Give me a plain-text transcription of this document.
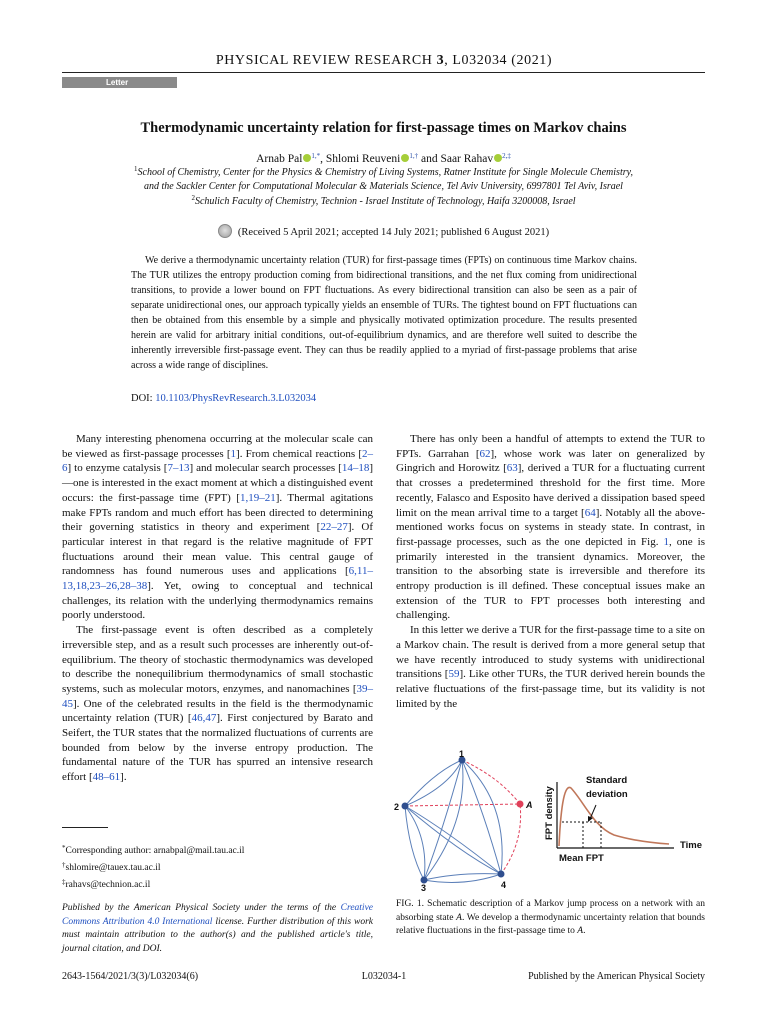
PHYSICAL REVIEW RESEARCH 3, L032034 (2021)
Letter
Thermodynamic uncertainty relation for first-passage times on Markov chains
Arnab Pal $^{1,*}$, Shlomi Reuveni $^{1,\dagger}$ and Saar Rahav $^{2,\ddagger}$
$^1$School of Chemistry, Center for the Physics & Chemistry of Living Systems, Ratner Institute for Single Molecule Chemistry,
and the Sackler Center for Computational Molecular & Materials Science, Tel Aviv University, 6997801 Tel Aviv, Israel
$^2$Schulich Faculty of Chemistry, Technion - Israel Institute of Technology, Haifa 3200008, Israel
(Received 5 April 2021; accepted 14 July 2021; published 6 August 2021)
We derive a thermodynamic uncertainty relation (TUR) for first-passage times (FPTs) on continuous time Markov chains. The TUR utilizes the entropy production coming from bidirectional transitions, and the net flux coming from unidirectional transitions, to provide a lower bound on FPT fluctuations. As every bidirectional transition can also be seen as a pair of separate unidirectional ones, our approach typically yields an ensemble of TURs. The tightest bound on FPT fluctuations can then be obtained from this ensemble by a simple and physically motivated optimization procedure. The results presented herein are valid for arbitrary initial conditions, out-of-equilibrium dynamics, and are therefore well suited to describe the inherently irreversible first-passage event. They can thus be readily applied to a myriad of first-passage problems that arise across a wide range of disciplines.
DOI: 10.1103/PhysRevResearch.3.L032034

Many interesting phenomena occurring at the molecular scale can be viewed as first-passage processes [1]. From chemical reactions [2–6] to enzyme catalysis [7–13] and molecular search processes [14–18]—one is interested in the exact moment at which a distinguished event occurs: the first-passage time (FPT) [1,19–21]. Thermal agitations make FPTs random and much effort has been directed to determining their governing statistics in theory and experiment [22–27]. Of particular interest in that regard is the relative magnitude of FPT fluctuations around their mean value. This central gauge of randomness has found numerous uses and applications [6,11–13,18,23–26,28–38]. Yet, owing to conceptual and technical challenges, its relation with the underlying thermodynamics remains poorly understood.

The first-passage event is often described as a completely irreversible step, and as a result such processes are inherently out-of-equilibrium. The theory of stochastic thermodynamics was developed to describe the nonequilibrium thermodynamics of small stochastic systems, such as molecular motors, enzymes, and nanomachines [39–45]. One of the celebrated results in the field is the thermodynamic uncertainty relation (TUR) [46,47]. First conjectured by Barato and Seifert, the TUR states that the normalized fluctuations of currents are bounded from below by the inverse entropy production. The fundamental nature of the TUR has spurred an intensive research effort [48–61].

*Corresponding author: arnabpal@mail.tau.ac.il
†shlomire@tauex.tau.ac.il
‡rahavs@technion.ac.il
Published by the American Physical Society under the terms of the Creative Commons Attribution 4.0 International license. Further distribution of this work must maintain attribution to the author(s) and the published article's title, journal citation, and DOI.

There has only been a handful of attempts to extend the TUR to FPTs. Garrahan [62], whose work was later on generalized by Gingrich and Horowitz [63], derived a TUR for a fluctuating current that crosses a predetermined threshold for the first time. More recently, Falasco and Esposito have derived a dissipation based speed limit on the mean arrival time to a target [64]. Notably all the above-mentioned works focus on systems in steady state. In contrast, in first-passage processes, such as the one depicted in Fig. 1, one is primarily interested in the transient dynamics. Moreover, the transition to the absorbing state is irreversible and therefore its entropy production is ill defined. These conceptual issues make an extension of the TUR to FPT processes both interesting and challenging.

In this letter we derive a TUR for the first-passage time to a site on a Markov chain. The result is derived from a more general setup that we have recently introduced to study systems with unidirectional transitions [59]. Like other TURs, the TUR derived herein bounds the relative fluctuations of the first-passage time, but its validity is not limited by the

1
2
3	4
A FPT density
Time
Mean FPT
Standard
deviation
FIG. 1. Schematic description of a Markov jump process on a network with an absorbing state A. We develop a thermodynamic uncertainty relation that bounds relative fluctuations in the first-passage time to A.
2643-1564/2021/3(3)/L032034(6)	L032034-1	Published by the American Physical Society
